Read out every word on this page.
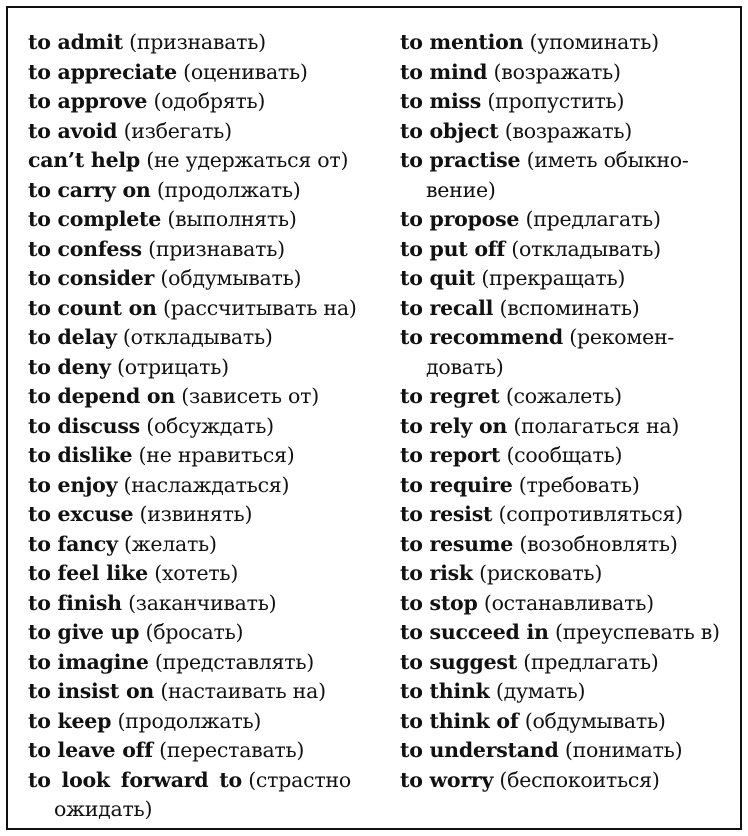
to admit (признавать)
to appreciate (оценивать)
to approve (одобрять)
to avoid (избегать)
can’t help (не удержаться от)
to carry on (продолжать)
to complete (выполнять)
to confess (признавать)
to consider (обдумывать)
to count on (рассчитывать на)
to delay (откладывать)
to deny (отрицать)
to depend on (зависеть от)
to discuss (обсуждать)
to dislike (не нравиться)
to enjoy (наслаждаться)
to excuse (извинять)
to fancy (желать)
to feel like (хотеть)
to finish (заканчивать)
to give up (бросать)
to imagine (представлять)
to insist on (настаивать на)
to keep (продолжать)
to leave off (переставать)
to look forward to (страстно
ожидать)
to mention (упоминать)
to mind (возражать)
to miss (пропустить)
to object (возражать)
to practise (иметь обыкно-
вение)
to propose (предлагать)
to put off (откладывать)
to quit (прекращать)
to recall (вспоминать)
to recommend (рекомен-
довать)
to regret (сожалеть)
to rely on (полагаться на)
to report (сообщать)
to require (требовать)
to resist (сопротивляться)
to resume (возобновлять)
to risk (рисковать)
to stop (останавливать)
to succeed in (преуспевать в)
to suggest (предлагать)
to think (думать)
to think of (обдумывать)
to understand (понимать)
to worry (беспокоиться)
